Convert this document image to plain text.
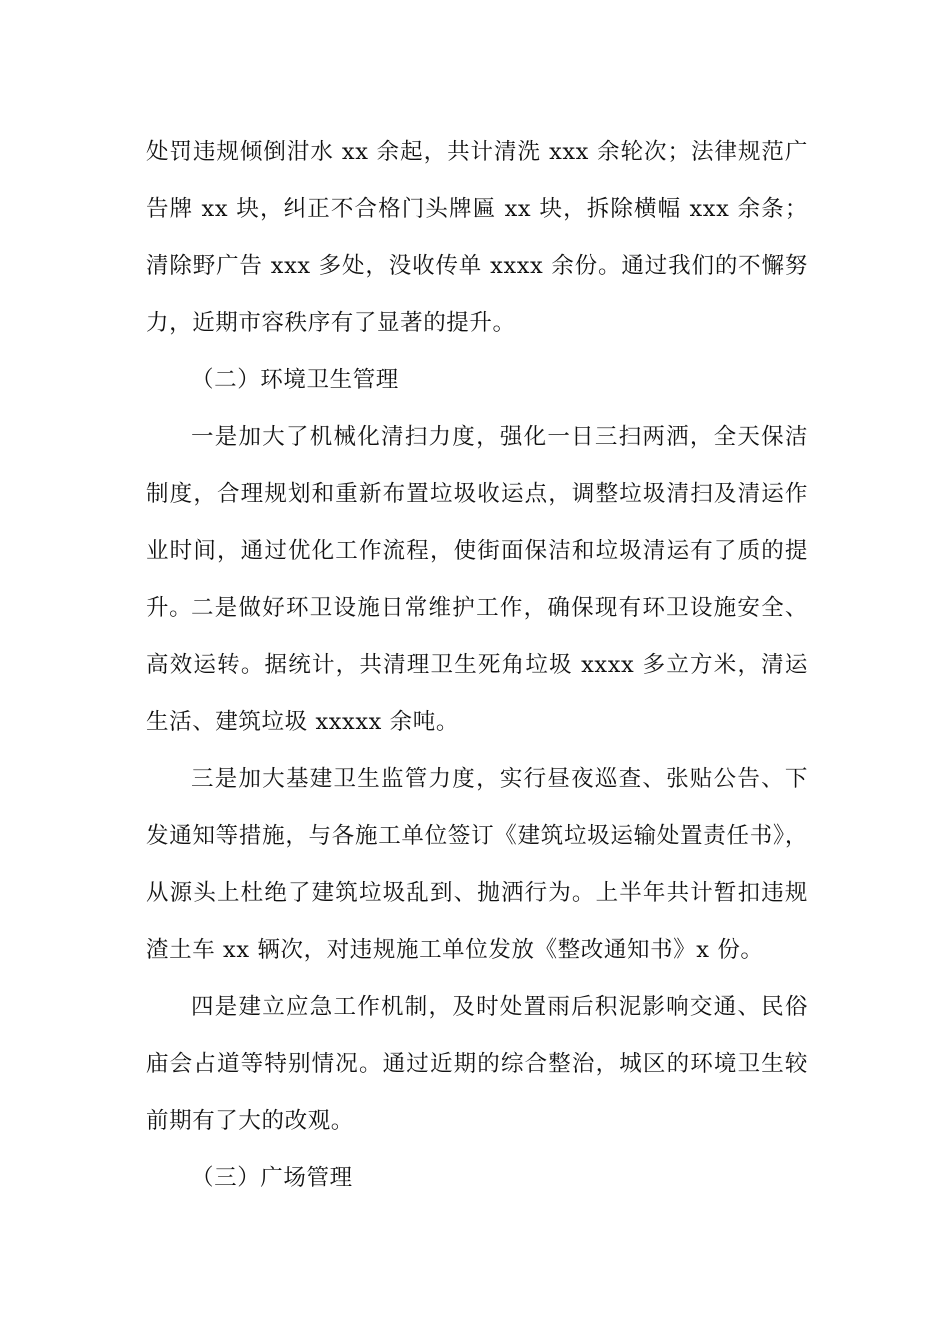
处罚违规倾倒泔水 xx 余起，共计清洗 xxx 余轮次；法律规范广告牌 xx 块，纠正不合格门头牌匾 xx 块，拆除横幅 xxx 余条；清除野广告 xxx 多处，没收传单 xxxx 余份。通过我们的不懈努力，近期市容秩序有了显著的提升。

（二）环境卫生管理

一是加大了机械化清扫力度，强化一日三扫两洒，全天保洁制度，合理规划和重新布置垃圾收运点，调整垃圾清扫及清运作业时间，通过优化工作流程，使街面保洁和垃圾清运有了质的提升。

二是做好环卫设施日常维护工作，确保现有环卫设施安全、高效运转。据统计，共清理卫生死角垃圾 xxxx 多立方米，清运生活、建筑垃圾 xxxxx 余吨。

三是加大基建卫生监管力度，实行昼夜巡查、张贴公告、下发通知等措施，与各施工单位签订《建筑垃圾运输处置责任书》，从源头上杜绝了建筑垃圾乱到、抛洒行为。上半年共计暂扣违规渣土车 xx 辆次，对违规施工单位发放《整改通知书》x 份。

四是建立应急工作机制，及时处置雨后积泥影响交通、民俗庙会占道等特别情况。通过近期的综合整治，城区的环境卫生较前期有了大的改观。

（三）广场管理
